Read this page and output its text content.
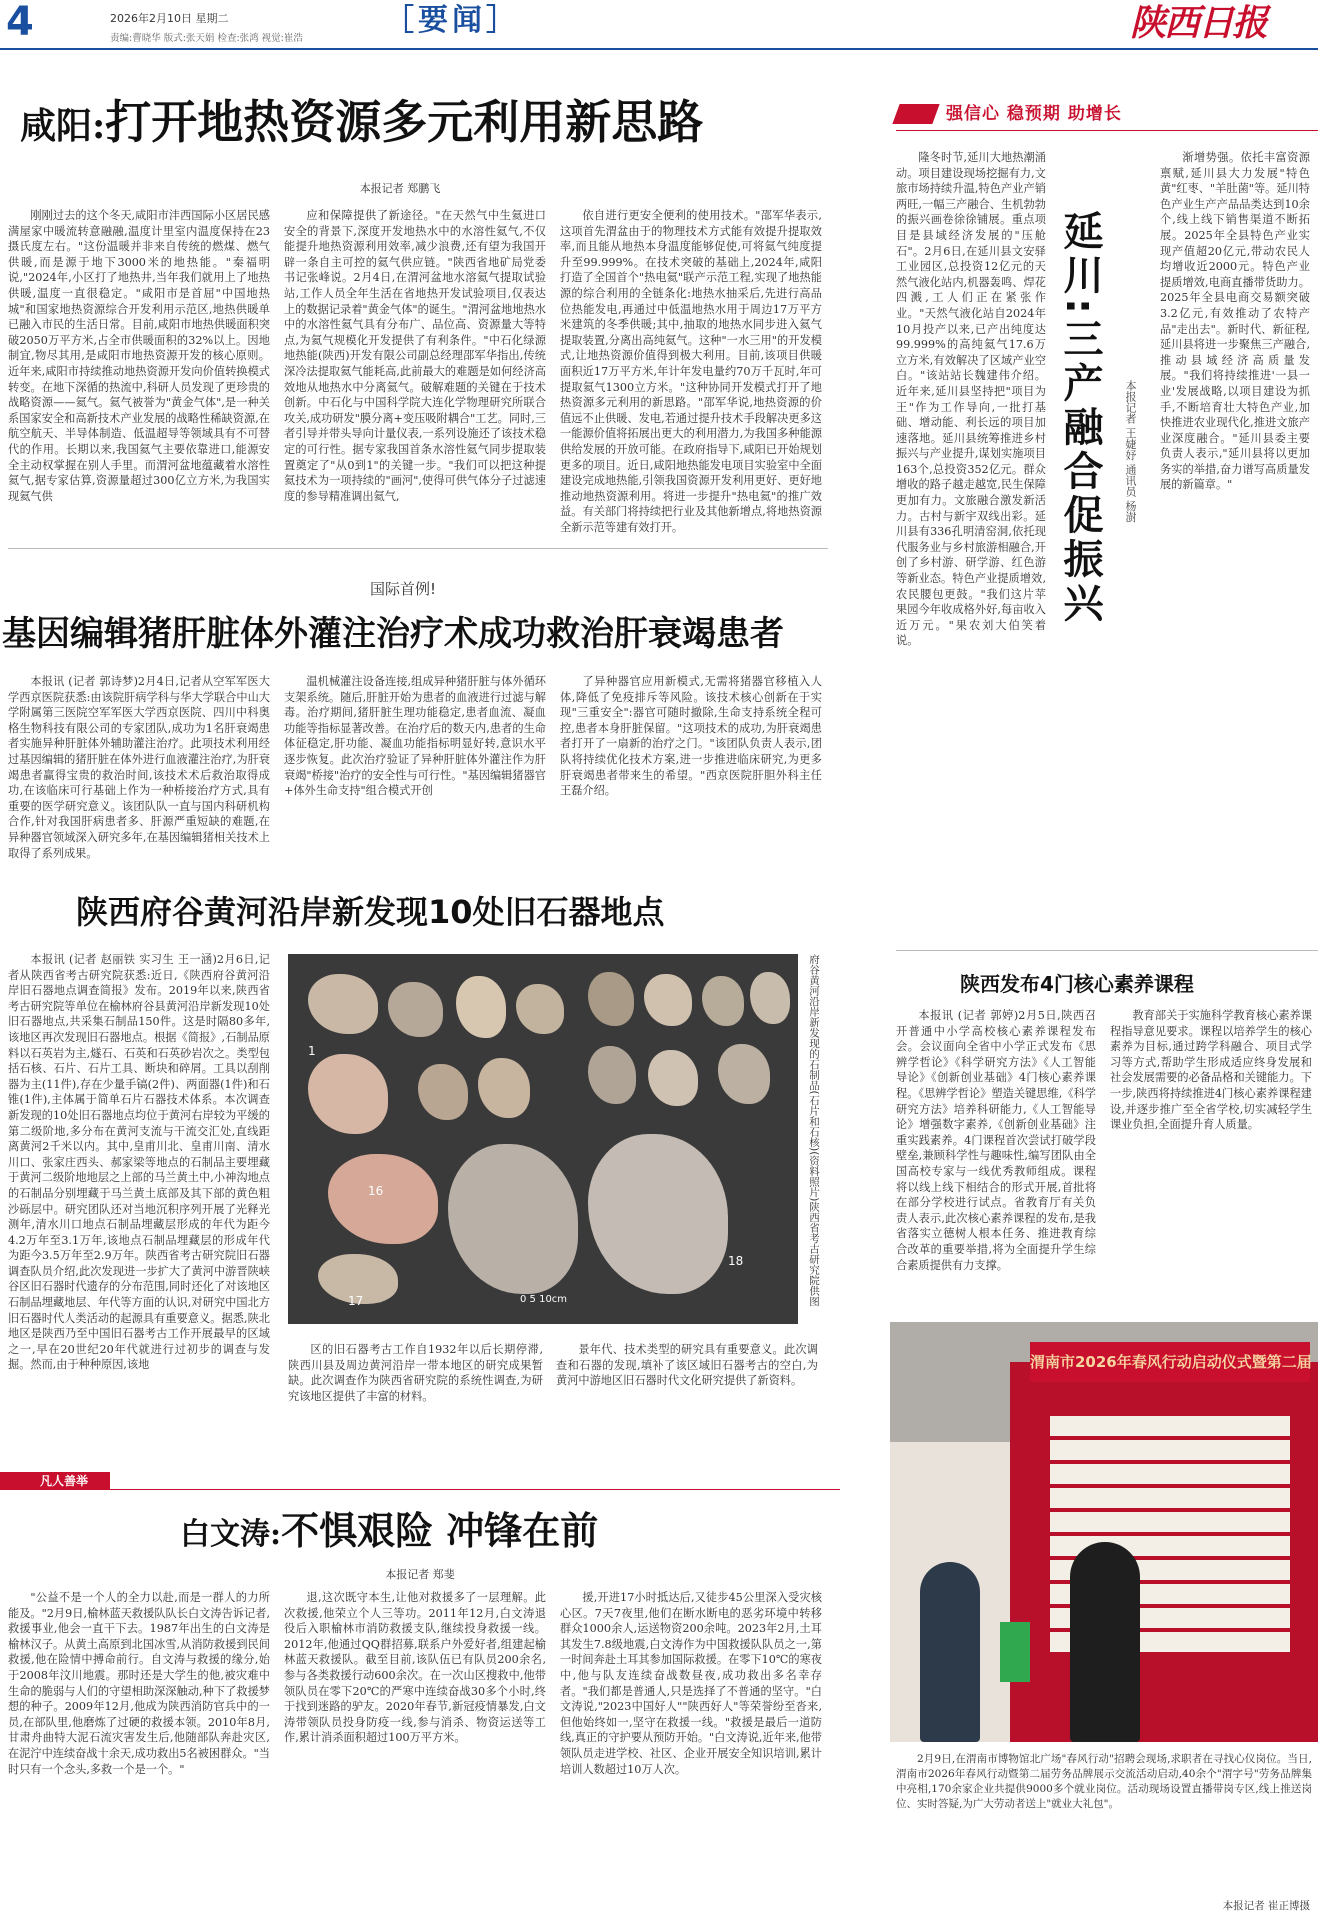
4	2026年2月10日 星期二
责编:曹晓华 版式:张天娟 检查:张鸿 视觉:崔浩
［要闻］	陕西日报
咸阳:打开地热资源多元利用新思路
本报记者 郑鹏飞
刚刚过去的这个冬天,咸阳市沣西国际小区居民感满屋家中暖流转意融融,温度计里室内温度保持在23摄氏度左右。"这份温暖并非来自传统的燃煤、燃气供暖,而是源于地下3000米的地热能。"秦福明说,"2024年,小区打了地热井,当年我们就用上了地热供暖,温度一直很稳定。"咸阳市是首屈"中国地热城"和国家地热资源综合开发利用示范区,地热供暖单已融入市民的生活日常。目前,咸阳市地热供暖面积突破2050万平方米,占全市供暖面积的32%以上。因地制宜,物尽其用,是咸阳市地热资源开发的核心原则。近年来,咸阳市持续推动地热资源开发向价值转换模式转变。在地下深循的热流中,科研人员发现了更珍贵的战略资源——氦气。氦气被誉为"黄金气体",是一种关系国家安全和高新技术产业发展的战略性稀缺资源,在航空航天、半导体制造、低温超导等领域具有不可替代的作用。长期以来,我国氦气主要依靠进口,能源安全主动权掌握在别人手里。而渭河盆地蕴藏着水溶性氦气,据专家估算,资源量超过300亿立方米,为我国实现氦气供
应和保障提供了新途径。"在天然气中生氦进口安全的背景下,深度开发地热水中的水溶性氦气,不仅能提升地热资源利用效率,减少浪费,还有望为我国开辟一条自主可控的氦气供应链。"陕西省地矿局党委书记张峰说。2月4日,在渭河盆地水溶氦气提取试验站,工作人员全年生活在省地热开发试验项目,仅表达上的数据记录着"黄金气体"的诞生。"渭河盆地地热水中的水溶性氦气具有分布广、品位高、资源量大等特点,为氦气规模化开发提供了有利条件。"中石化绿源地热能(陕西)开发有限公司副总经理邵军华指出,传统深冷法提取氦气能耗高,此前最大的难题是如何经济高效地从地热水中分离氦气。破解难题的关键在于技术创新。中石化与中国科学院大连化学物理研究所联合攻关,成功研发"膜分离+变压吸附耦合"工艺。同时,三者引导并带头导向计量仪表,一系列设施还了该技术稳定的可行性。据专家我国首条水溶性氦气同步提取装置奠定了"从0到1"的关键一步。"我们可以把这种提氦技术为一项持续的"画河",使得可供气体分子过滤速度的参导精准调出氦气,
依自进行更安全便利的使用技术。"邵军华表示,这项首先渭盆由于的物理技术方式能有效提升提取效率,而且能从地热本身温度能够促使,可将氦气纯度提升至99.999%。在技术突破的基础上,2024年,咸阳打造了全国首个"热电氦"联产示范工程,实现了地热能源的综合利用的全链条化:地热水抽采后,先进行高品位热能发电,再通过中低温地热水用于周边17万平方米建筑的冬季供暖;其中,抽取的地热水同步进入氦气提取装置,分离出高纯氦气。这种"一水三用"的开发模式,让地热资源价值得到极大利用。目前,该项目供暖面积近17万平方米,年计年发电量约70万千瓦时,年可提取氦气1300立方米。"这种协同开发模式打开了地热资源多元利用的新思路。"邵军华说,地热资源的价值远不止供暖、发电,若通过提升技术手段解决更多这一能源价值将拓展出更大的利用潜力,为我国多种能源供给发展的开放可能。在政府指导下,咸阳已开始规划更多的项目。近日,咸阳地热能发电项目实验室中全面建设完成地热能,引领我国资源开发利用更好、更好地推动地热资源利用。将进一步提升"热电氦"的推广效益。有关部门将持续把行业及其他新增点,将地热资源全新示范等建有效打开。
国际首例!
基因编辑猪肝脏体外灌注治疗术成功救治肝衰竭患者
本报讯 (记者 郭诗梦)2月4日,记者从空军军医大学西京医院获悉:由该院肝病学科与华大学联合中山大学附属第三医院空军军医大学西京医院、四川中科奥格生物科技有限公司的专家团队,成功为1名肝衰竭患者实施异种肝脏体外辅助灌注治疗。此项技术利用经过基因编辑的猪肝脏在体外进行血液灌注治疗,为肝衰竭患者赢得宝贵的救治时间,该技术术后救治取得成功,在该临床可行基础上作为一种桥接治疗方式,具有重要的医学研究意义。该团队队一直与国内科研机构合作,针对我国肝病患者多、肝源严重短缺的难题,在异种器官领域深入研究多年,在基因编辑猪相关技术上取得了系列成果。
温机械灌注设备连接,组成异种猪肝脏与体外循环支架系统。随后,肝脏开始为患者的血液进行过滤与解毒。治疗期间,猪肝脏生理功能稳定,患者血流、凝血功能等指标显著改善。在治疗后的数天内,患者的生命体征稳定,肝功能、凝血功能指标明显好转,意识水平逐步恢复。此次治疗验证了异种肝脏体外灌注作为肝衰竭"桥接"治疗的安全性与可行性。"基因编辑猪器官+体外生命支持"组合模式开创
了异种器官应用新模式,无需将猪器官移植入人体,降低了免疫排斥等风险。该技术核心创新在于实现"三重安全":器官可随时撤除,生命支持系统全程可控,患者本身肝脏保留。"这项技术的成功,为肝衰竭患者打开了一扇新的治疗之门。"该团队负责人表示,团队将持续优化技术方案,进一步推进临床研究,为更多肝衰竭患者带来生的希望。"西京医院肝胆外科主任王磊介绍。
陕西府谷黄河沿岸新发现10处旧石器地点
本报讯 (记者 赵丽铁 实习生 王一涵)2月6日,记者从陕西省考古研究院获悉:近日,《陕西府谷黄河沿岸旧石器地点调查简报》发布。2019年以来,陕西省考古研究院等单位在榆林府谷县黄河沿岸新发现10处旧石器地点,共采集石制品150件。这是时隔80多年,该地区再次发现旧石器地点。根据《简报》,石制品原料以石英岩为主,燧石、石英和石英砂岩次之。类型包括石核、石片、石片工具、断块和碎屑。工具以刮削器为主(11件),存在少量手镐(2件)、两面器(1件)和石锥(1件),主体属于简单石片石器技术体系。本次调查新发现的10处旧石器地点均位于黄河右岸较为平缓的第二级阶地,多分布在黄河支流与干流交汇处,直线距离黄河2千米以内。其中,皇甫川北、皇甫川南、清水川口、张家庄西头、郝家梁等地点的石制品主要埋藏于黄河二级阶地地层之上部的马兰黄土中,小神沟地点的石制品分别埋藏于马兰黄土底部及其下部的黄色粗沙砾层中。研究团队还对当地沉积序列开展了光释光测年,清水川口地点石制品埋藏层形成的年代为距今4.2万年至3.1万年,该地点石制品埋藏层的形成年代为距今3.5万年至2.9万年。陕西省考古研究院旧石器调查队员介绍,此次发现进一步扩大了黄河中游晋陕峡谷区旧石器时代遗存的分布范围,同时还化了对该地区石制品埋藏地层、年代等方面的认识,对研究中国北方旧石器时代人类活动的起源具有重要意义。据悉,陕北地区是陕西乃至中国旧石器考古工作开展最早的区域之一,早在20世纪20年代就进行过初步的调查与发掘。然而,由于种种原因,该地
1
16
17
18
0 5 10cm	府谷黄河沿岸新发现的石制品(石片和石核)(资料照片)陕西省考古研究院供图
区的旧石器考古工作自1932年以后长期停滞,陕西川县及周边黄河沿岸一带本地区的研究成果暂缺。此次调查作为陕西省研究院的系统性调查,为研究该地区提供了丰富的材料。
景年代、技术类型的研究具有重要意义。此次调查和石器的发现,填补了该区域旧石器考古的空白,为黄河中游地区旧石器时代文化研究提供了新资料。
强信心 稳预期 助增长
隆冬时节,延川大地热潮涌动。项目建设现场挖掘有力,文旅市场持续升温,特色产业产销两旺,一幅三产融合、生机勃勃的振兴画卷徐徐铺展。重点项目是县域经济发展的"压舱石"。2月6日,在延川县文安驿工业园区,总投资12亿元的天然气液化站内,机器轰鸣、焊花四溅,工人们正在紧张作业。"天然气液化站自2024年10月投产以来,已产出纯度达99.999%的高纯氦气17.6万立方米,有效解决了区域产业空白。"该站站长魏建伟介绍。近年来,延川县坚持把"项目为王"作为工作导向,一批打基础、增动能、利长远的项目加速落地。延川县统筹推进乡村振兴与产业提升,谋划实施项目163个,总投资352亿元。群众增收的路子越走越宽,民生保障更加有力。文旅融合激发新活力。古村与新宇双线出彩。延川县有336孔明清窑洞,依托现代服务业与乡村旅游相融合,开创了乡村游、研学游、红色游等新业态。特色产业提质增效,农民腰包更鼓。"我们这片苹果园今年收成格外好,每亩收入近万元。"果农刘大伯笑着说。
延川:三产融合促振兴	本报记者 王婕妤 通讯员 杨澍
渐增势强。依托丰富资源禀赋,延川县大力发展"特色黄"红枣、"羊肚菌"等。延川特色产业生产产品品类达到10余个,线上线下销售渠道不断拓展。2025年全县特色产业实现产值超20亿元,带动农民人均增收近2000元。特色产业提质增效,电商直播带货助力。2025年全县电商交易额突破3.2亿元,有效推动了农特产品"走出去"。新时代、新征程,延川县将进一步聚焦三产融合,推动县域经济高质量发展。"我们将持续推进'一县一业'发展战略,以项目建设为抓手,不断培育壮大特色产业,加快推进农业现代化,推进文旅产业深度融合。"延川县委主要负责人表示,"延川县将以更加务实的举措,奋力谱写高质量发展的新篇章。"
陕西发布4门核心素养课程
本报讯 (记者 郭婷)2月5日,陕西召开普通中小学高校核心素养课程发布会。会议面向全省中小学正式发布《思辨学哲论》《科学研究方法》《人工智能导论》《创新创业基础》4门核心素养课程。《思辨学哲论》塑造关键思维,《科学研究方法》培养科研能力,《人工智能导论》增强数字素养,《创新创业基础》注重实践素养。4门课程首次尝试打破学段壁垒,兼顾科学性与趣味性,编写团队由全国高校专家与一线优秀教师组成。课程将以线上线下相结合的形式开展,首批将在部分学校进行试点。省教育厅有关负责人表示,此次核心素养课程的发布,是我省落实立德树人根本任务、推进教育综合改革的重要举措,将为全面提升学生综合素质提供有力支撑。
教育部关于实施科学教育核心素养课程指导意见要求。课程以培养学生的核心素养为目标,通过跨学科融合、项目式学习等方式,帮助学生形成适应终身发展和社会发展需要的必备品格和关键能力。下一步,陕西将持续推进4门核心素养课程建设,并逐步推广至全省学校,切实减轻学生课业负担,全面提升育人质量。
渭南市2026年春风行动启动仪式暨第二届
2月9日,在渭南市博物馆北广场"春风行动"招聘会现场,求职者在寻找心仪岗位。当日,渭南市2026年春风行动暨第二届劳务品牌展示交流活动启动,40余个"渭字号"劳务品牌集中亮相,170余家企业共提供9000多个就业岗位。活动现场设置直播带岗专区,线上推送岗位、实时答疑,为广大劳动者送上"就业大礼包"。
本报记者 崔正博摄
凡人善举
白文涛:不惧艰险 冲锋在前
本报记者 郑斐
"公益不是一个人的全力以赴,而是一群人的力所能及。"2月9日,榆林蓝天救援队队长白文涛告诉记者,救援事业,他会一直干下去。1987年出生的白文涛是榆林汉子。从黄土高原到北国冰雪,从消防救援到民间救援,他在险情中搏命前行。自文涛与救援的缘分,始于2008年汶川地震。那时还是大学生的他,被灾难中生命的脆弱与人们的守望相助深深触动,种下了救援梦想的种子。2009年12月,他成为陕西消防官兵中的一员,在部队里,他磨炼了过硬的救援本领。2010年8月,甘肃舟曲特大泥石流灾害发生后,他随部队奔赴灾区,在泥泞中连续奋战十余天,成功救出5名被困群众。"当时只有一个念头,多救一个是一个。"
退,这次既守本生,让他对救援多了一层理解。此次救援,他荣立个人三等功。2011年12月,白文涛退役后入职榆林市消防救援支队,继续投身救援一线。2012年,他通过QQ群招募,联系户外爱好者,组建起榆林蓝天救援队。截至目前,该队伍已有队员200余名,参与各类救援行动600余次。在一次山区搜救中,他带领队员在零下20℃的严寒中连续奋战30多个小时,终于找到迷路的驴友。2020年春节,新冠疫情暴发,白文涛带领队员投身防疫一线,参与消杀、物资运送等工作,累计消杀面积超过100万平方米。
援,开进17小时抵达后,又徒步45公里深入受灾核心区。7天7夜里,他们在断水断电的恶劣环境中转移群众1000余人,运送物资200余吨。2023年2月,土耳其发生7.8级地震,白文涛作为中国救援队队员之一,第一时间奔赴土耳其参加国际救援。在零下10℃的寒夜中,他与队友连续奋战数昼夜,成功救出多名幸存者。"我们都是普通人,只是选择了不普通的坚守。"白文涛说,"2023中国好人""陕西好人"等荣誉纷至沓来,但他始终如一,坚守在救援一线。"救援是最后一道防线,真正的守护要从预防开始。"白文涛说,近年来,他带领队员走进学校、社区、企业开展安全知识培训,累计培训人数超过10万人次。
